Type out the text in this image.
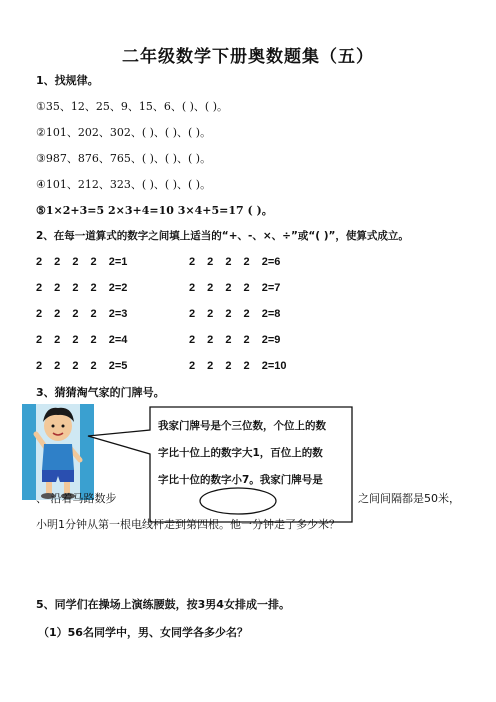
二年级数学下册奥数题集（五）
1、找规律。
①35、12、25、9、15、6、( )、( )。
②101、202、302、( )、( )、( )。
③987、876、765、( )、( )、( )。
④101、212、323、( )、( )、( )。
⑤1×2+3=5 2×3+4=10 3×4+5=17 ( )。
2、在每一道算式的数字之间填上适当的“+、-、×、÷”或“( )”，使算式成立。
2 2 2 2 2=1
2 2 2 2 2=2
2 2 2 2 2=3
2 2 2 2 2=4
2 2 2 2 2=5
2 2 2 2 2=6
2 2 2 2 2=7
2 2 2 2 2=8
2 2 2 2 2=9
2 2 2 2 2=10
3、猜猜淘气家的门牌号。
我家门牌号是个三位数，个位上的数
字比十位上的数字大1，百位上的数
字比十位的数字小7。我家门牌号是
、 沿着马路数步	之间间隔都是50米，
小明1分钟从第一根电线杆走到第四根。他一分钟走了多少米？
5、同学们在操场上演练腰鼓，按3男4女排成一排。
（1）56名同学中，男、女同学各多少名？
